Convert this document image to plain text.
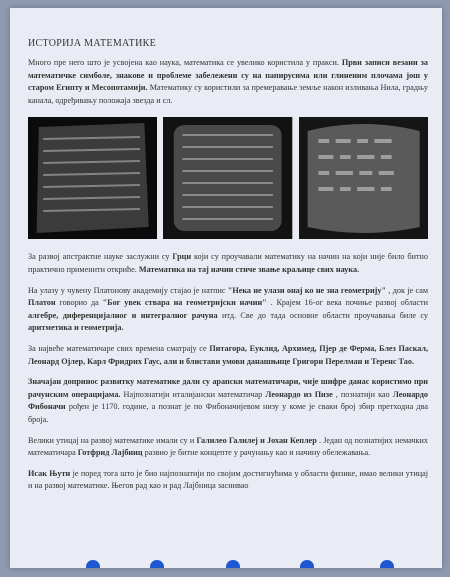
ИСТОРИЈА МАТЕМАТИКЕ

Много пре него што је усвојена као наука, математика се увелико користила у пракси. Први записи везани за математичке симболе, знакове и проблеме забележени су на папирусима или глиненим плочама још у старом Египту и Месопотамији. Математику су користили за премеравање земље након изливања Нила, градњу канала, одређивању положаја звезда и сл.

За развој апстрактне науке заслужни су Грци који су проучавали математику на начин на који није било битно практично применити откриће. Математика на тај начин стиче звање краљице свих наука.

На улазу у чувену Платонову академију стајао је натпис "Нека не улази онај ко не зна геометрију" , док је сам Платон говорио да "Бог увек ствара на геометријски начин" . Крајем 16-ог века почиње развој области алгебре, диференцијалног и интегралног рачуна итд. Све до тада основне области проучавања биле су аритметика и геометрија.

За највеће математичаре свих времена сматрају се Питагора, Еуклид, Архимед, Пјер де Ферма, Блез Паскал, Леонард Ојлер, Карл Фридрих Гаус, али и блистави умови данашњице Григори Перелман и Теренс Тао.

Значајан допринос развитку математике дали су арапски математичари, чије шифре данас користимо при рачунским операцијама. Најпознатији италијански математичар Леонардо из Пизе , познатији као Леонардо Фибоначи рођен је 1170. године, а познат је по Фибоначијевом низу у коме је сваки број збир претходна два броја.

Велики утицај на развој математике имали су и Галилео Галилеј и Јохан Кеплер . Један од познатијих немачких математичара Готфрид Лајбниц развио је битне концепте у рачунању као и начину обележавања.

Исак Њутн је поред тога што је био најпознатији по својим достигнућима у области физике, имао велики утицај и на развој математике. Његов рад као и рад Лајбница заснивао
